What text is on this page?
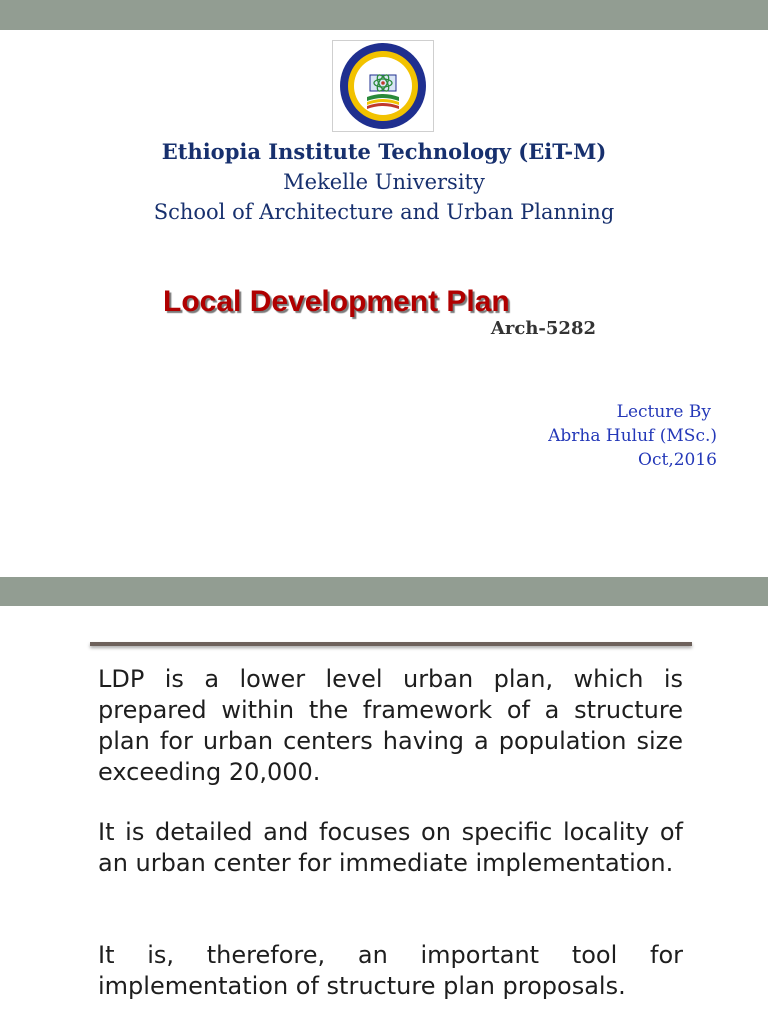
Ethiopia Institute Technology (EiT-M)
Mekelle University
School of Architecture and Urban Planning
Local Development Plan
Arch-5282
Lecture By
Abrha Huluf (MSc.)
Oct,2016

LDP is a lower level urban plan, which is prepared within the framework of a structure plan for urban centers having a population size exceeding 20,000.

It is detailed and focuses on specific locality of an urban center for immediate implementation.

It is, therefore, an important tool for implementation of structure plan proposals.
